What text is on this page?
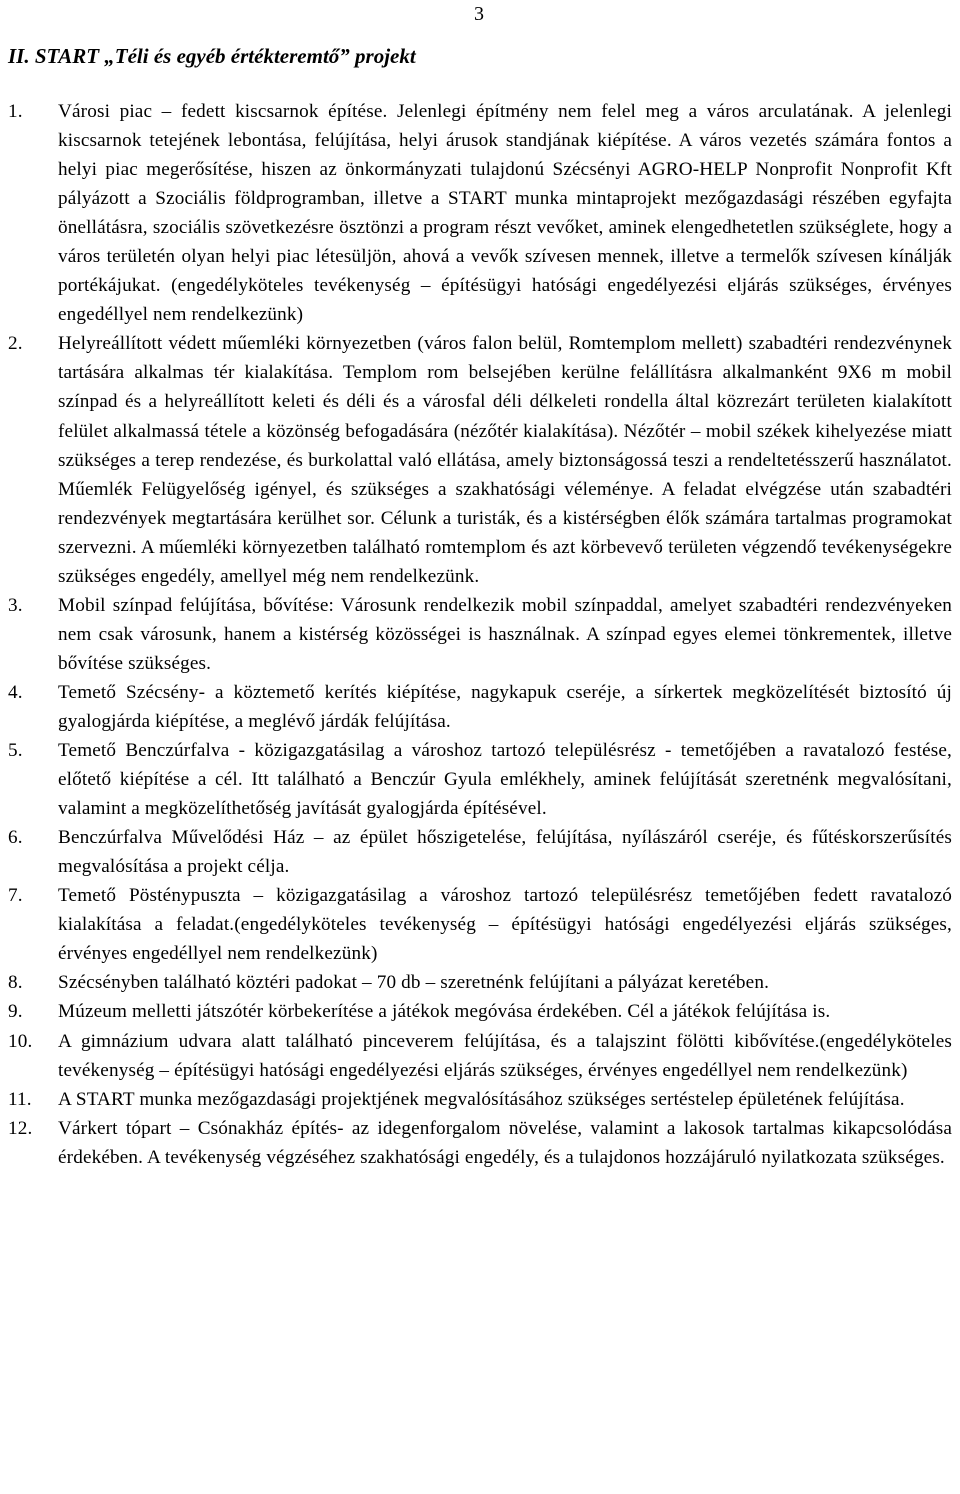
3
II. START „Téli és egyéb értékteremtő” projekt
1.	Városi piac – fedett kiscsarnok építése. Jelenlegi építmény nem felel meg a város arculatának. A jelenlegi kiscsarnok tetejének lebontása, felújítása, helyi árusok standjának kiépítése. A város vezetés számára fontos a helyi piac megerősítése, hiszen az önkormányzati tulajdonú Szécsényi AGRO-HELP Nonprofit Nonprofit Kft pályázott a Szociális földprogramban, illetve a START munka mintaprojekt mezőgazdasági részében egyfajta önellátásra, szociális szövetkezésre ösztönzi a program részt vevőket, aminek elengedhetetlen szükséglete, hogy a város területén olyan helyi piac létesüljön, ahová a vevők szívesen mennek, illetve a termelők szívesen kínálják portékájukat. (engedélyköteles tevékenység – építésügyi hatósági engedélyezési eljárás szükséges, érvényes engedéllyel nem rendelkezünk)
2.	Helyreállított védett műemléki környezetben (város falon belül, Romtemplom mellett) szabadtéri rendezvénynek tartására alkalmas tér kialakítása. Templom rom belsejében kerülne felállításra alkalmanként 9X6 m mobil színpad és a helyreállított keleti és déli és a városfal déli délkeleti rondella által közrezárt területen kialakított felület alkalmassá tétele a közönség befogadására (nézőtér kialakítása). Nézőtér – mobil székek kihelyezése miatt szükséges a terep rendezése, és burkolattal való ellátása, amely biztonságossá teszi a rendeltetésszerű használatot. Műemlék Felügyelőség igényel, és szükséges a szakhatósági véleménye. A feladat elvégzése után szabadtéri rendezvények megtartására kerülhet sor. Célunk a turisták, és a kistérségben élők számára tartalmas programokat szervezni. A műemléki környezetben található romtemplom és azt körbevevő területen végzendő tevékenységekre szükséges engedély, amellyel még nem rendelkezünk.
3.	Mobil színpad felújítása, bővítése: Városunk rendelkezik mobil színpaddal, amelyet szabadtéri rendezvényeken nem csak városunk, hanem a kistérség közösségei is használnak. A színpad egyes elemei tönkrementek, illetve bővítése szükséges.
4.	Temető Szécsény- a köztemető kerítés kiépítése, nagykapuk cseréje, a sírkertek megközelítését biztosító új gyalogjárda kiépítése, a meglévő járdák felújítása.
5.	Temető Benczúrfalva - közigazgatásilag a városhoz tartozó településrész - temetőjében a ravatalozó festése, előtető kiépítése a cél. Itt található a Benczúr Gyula emlékhely, aminek felújítását szeretnénk megvalósítani, valamint a megközelíthetőség javítását gyalogjárda építésével.
6.	Benczúrfalva Művelődési Ház – az épület hőszigetelése, felújítása, nyílászáról cseréje, és fűtéskorszerűsítés megvalósítása a projekt célja.
7.	Temető Pösténypuszta – közigazgatásilag a városhoz tartozó településrész temetőjében fedett ravatalozó kialakítása a feladat.(engedélyköteles tevékenység – építésügyi hatósági engedélyezési eljárás szükséges, érvényes engedéllyel nem rendelkezünk)
8.	Szécsényben található köztéri padokat – 70 db – szeretnénk felújítani a pályázat keretében.
9.	Múzeum melletti játszótér körbekerítése a játékok megóvása érdekében. Cél a játékok felújítása is.
10.	A gimnázium udvara alatt található pinceverem felújítása, és a talajszint fölötti kibővítése.(engedélyköteles tevékenység – építésügyi hatósági engedélyezési eljárás szükséges, érvényes engedéllyel nem rendelkezünk)
11.	A START munka mezőgazdasági projektjének megvalósításához szükséges sertéstelep épületének felújítása.
12.	Várkert tópart – Csónakház építés- az idegenforgalom növelése, valamint a lakosok tartalmas kikapcsolódása érdekében. A tevékenység végzéséhez szakhatósági engedély, és a tulajdonos hozzájáruló nyilatkozata szükséges.
